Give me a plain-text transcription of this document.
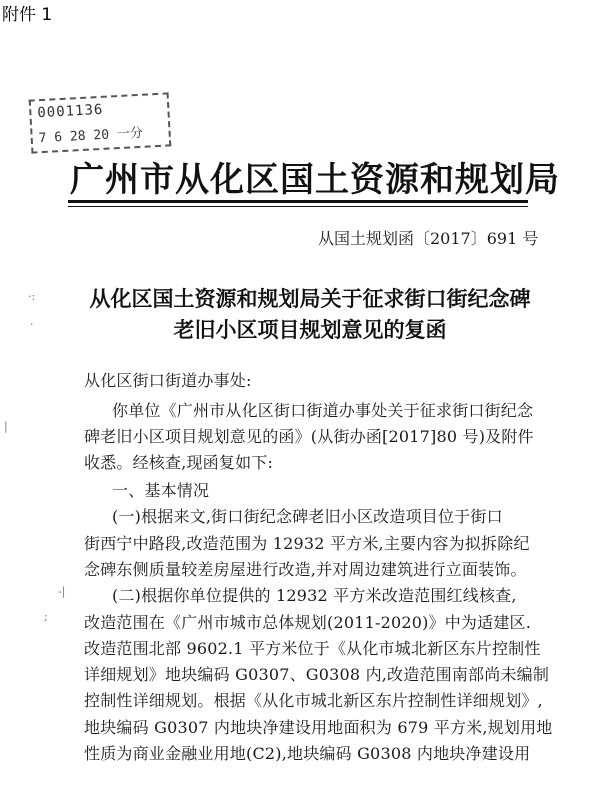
附件 1
0001136
7 6 28 20 一分
广州市从化区国土资源和规划局
从国土规划函〔2017〕691 号
从化区国土资源和规划局关于征求街口街纪念碑
老旧小区项目规划意见的复函
·:
·
|
;
-|
从化区街口街道办事处:
你单位《广州市从化区街口街道办事处关于征求街口街纪念
碑老旧小区项目规划意见的函》(从街办函[2017]80 号)及附件
收悉。经核查,现函复如下:
一、基本情况
(一)根据来文,街口街纪念碑老旧小区改造项目位于街口
街西宁中路段,改造范围为 12932 平方米,主要内容为拟拆除纪
念碑东侧质量较差房屋进行改造,并对周边建筑进行立面装饰。
(二)根据你单位提供的 12932 平方米改造范围红线核查,
改造范围在《广州市城市总体规划(2011-2020)》中为适建区.
改造范围北部 9602.1 平方米位于《从化市城北新区东片控制性
详细规划》地块编码 G0307、G0308 内,改造范围南部尚未编制
控制性详细规划。根据《从化市城北新区东片控制性详细规划》,
地块编码 G0307 内地块净建设用地面积为 679 平方米,规划用地
性质为商业金融业用地(C2),地块编码 G0308 内地块净建设用
